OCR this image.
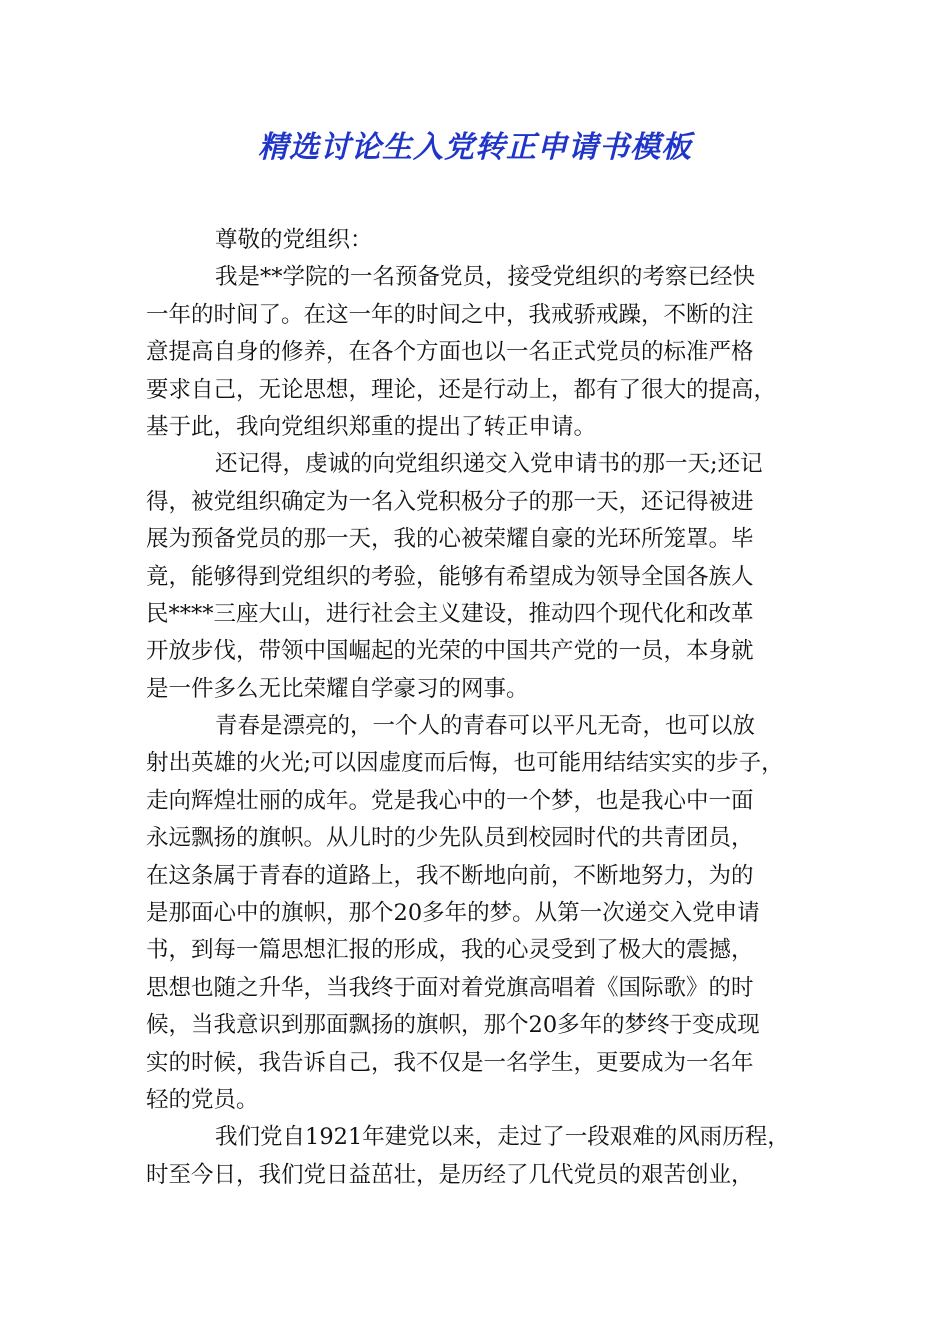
精选讨论生入党转正申请书模板
尊敬的党组织：
我是**学院的一名预备党员，接受党组织的考察已经快
一年的时间了。在这一年的时间之中，我戒骄戒躁，不断的注
意提高自身的修养，在各个方面也以一名正式党员的标准严格
要求自己，无论思想，理论，还是行动上，都有了很大的提高，
基于此，我向党组织郑重的提出了转正申请。
还记得，虔诚的向党组织递交入党申请书的那一天;还记
得，被党组织确定为一名入党积极分子的那一天，还记得被进
展为预备党员的那一天，我的心被荣耀自豪的光环所笼罩。毕
竟，能够得到党组织的考验，能够有希望成为领导全国各族人
民****三座大山，进行社会主义建设，推动四个现代化和改革
开放步伐，带领中国崛起的光荣的中国共产党的一员，本身就
是一件多么无比荣耀自学豪习的网事。
青春是漂亮的，一个人的青春可以平凡无奇，也可以放
射出英雄的火光;可以因虚度而后悔，也可能用结结实实的步子，
走向辉煌壮丽的成年。党是我心中的一个梦，也是我心中一面
永远飘扬的旗帜。从儿时的少先队员到校园时代的共青团员，
在这条属于青春的道路上，我不断地向前，不断地努力，为的
是那面心中的旗帜，那个20多年的梦。从第一次递交入党申请
书，到每一篇思想汇报的形成，我的心灵受到了极大的震撼，
思想也随之升华，当我终于面对着党旗高唱着《国际歌》的时
候，当我意识到那面飘扬的旗帜，那个20多年的梦终于变成现
实的时候，我告诉自己，我不仅是一名学生，更要成为一名年
轻的党员。
我们党自1921年建党以来，走过了一段艰难的风雨历程，
时至今日，我们党日益茁壮，是历经了几代党员的艰苦创业，
